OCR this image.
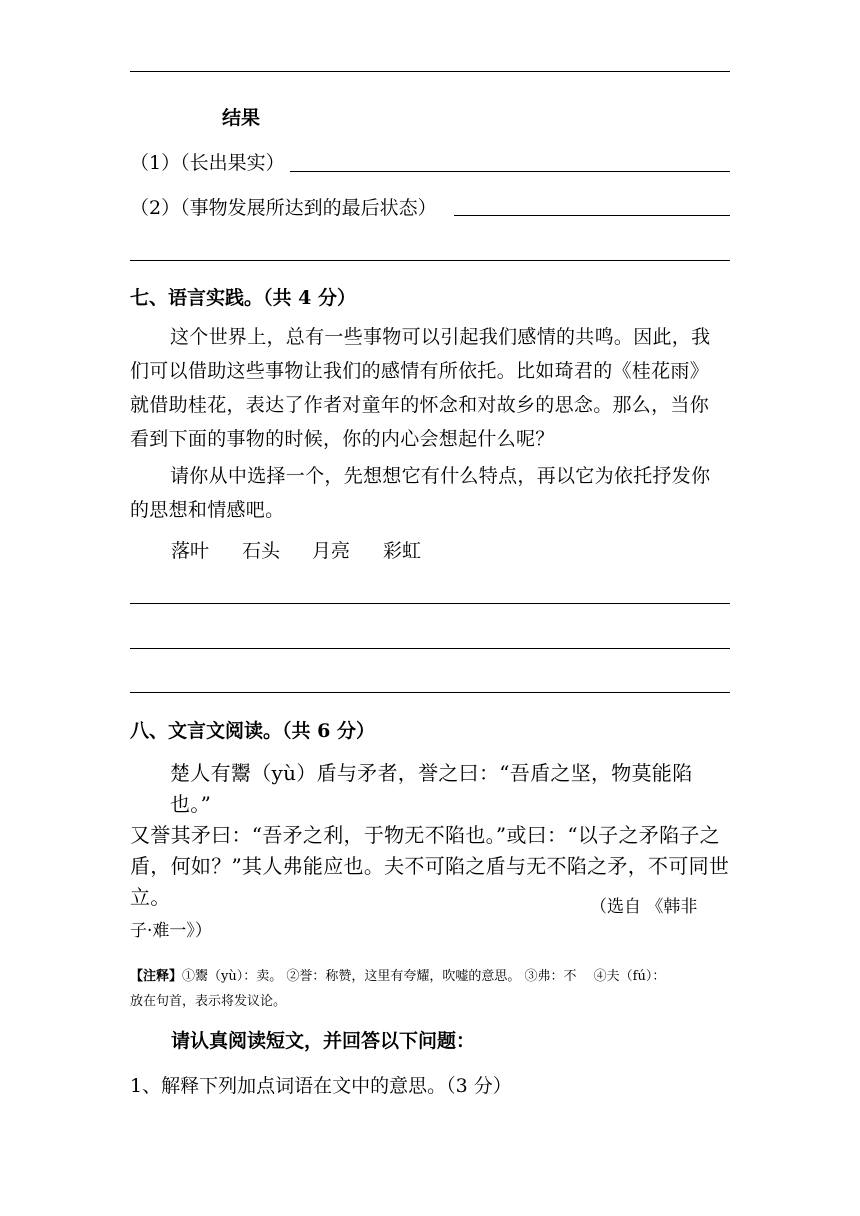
结果
（1）（长出果实）
（2）（事物发展所达到的最后状态）
七、语言实践。（共 4 分）
这个世界上，总有一些事物可以引起我们感情的共鸣。因此，我
们可以借助这些事物让我们的感情有所依托。比如琦君的《桂花雨》
就借助桂花，表达了作者对童年的怀念和对故乡的思念。那么，当你
看到下面的事物的时候，你的内心会想起什么呢？
请你从中选择一个，先想想它有什么特点，再以它为依托抒发你
的思想和情感吧。
落叶 石头 月亮 彩虹
八、文言文阅读。（共 6 分）
楚人有鬻（yù）盾与矛者，誉之曰：“吾盾之坚，物莫能陷也。”
又誉其矛曰：“吾矛之利，于物无不陷也。”或曰：“以子之矛陷子之
盾，何如？”其人弗能应也。夫不可陷之盾与无不陷之矛，不可同世
立。	（选自 《韩非
子·难一》）
【注释】①鬻（yù）：卖。 ②誉：称赞，这里有夸耀，吹嘘的意思。 ③弗：不　 ④夫（fú）：
放在句首，表示将发议论。
请认真阅读短文，并回答以下问题：
1、解释下列加点词语在文中的意思。（3 分）
